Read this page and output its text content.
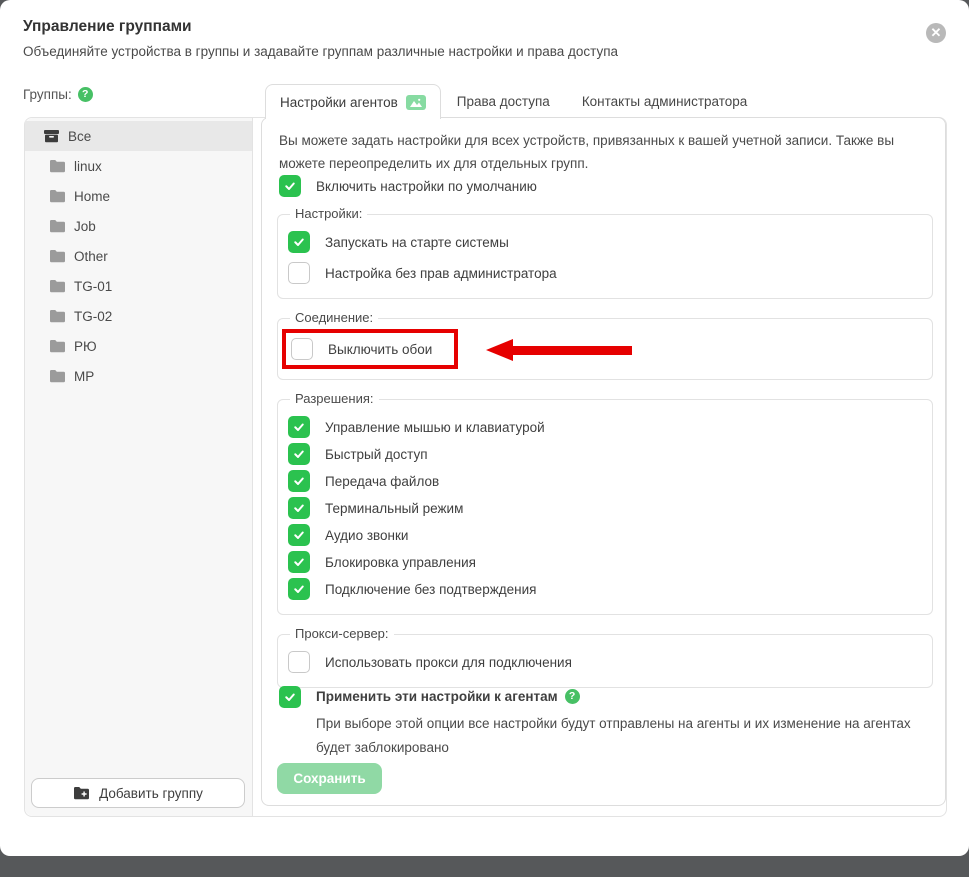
Управление группами
Объединяйте устройства в группы и задавайте группам различные настройки и права доступа
✕
Группы: ?
Настройки агентов	Права доступа Контакты администратора
Все
linux
Home
Job
Other
TG-01
TG-02
РЮ
MP
Добавить группу

Вы можете задать настройки для всех устройств, привязанных к вашей учетной записи. Также вы можете переопределить их для отдельных групп.

Включить настройки по умолчанию
Настройки:
Запускать на старте системы
Настройка без прав администратора
Соединение:
Выключить обои
Разрешения:
Управление мышью и клавиатурой
Быстрый доступ
Передача файлов
Терминальный режим
Аудио звонки
Блокировка управления
Подключение без подтверждения
Прокси-сервер:
Использовать прокси для подключения
Применить эти настройки к агентам	?
При выборе этой опции все настройки будут отправлены на агенты и их изменение на агентах будет заблокировано
Сохранить
